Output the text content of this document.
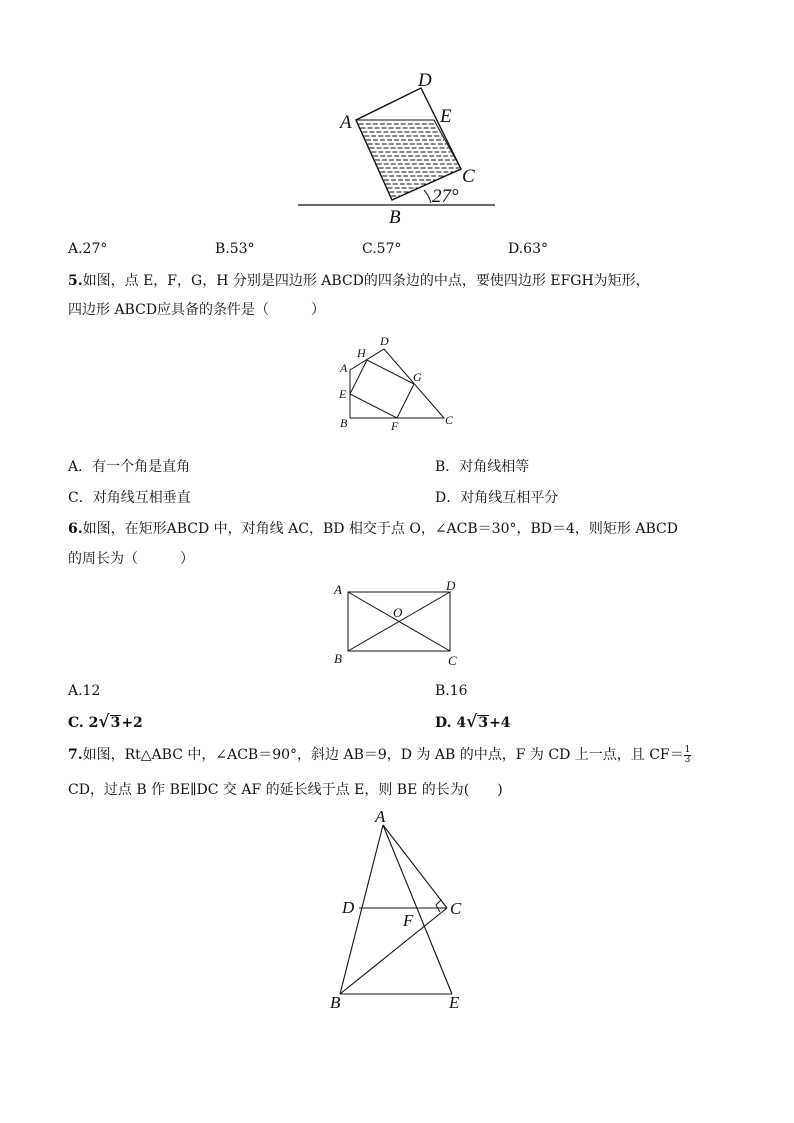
D
A	E
C
B
27°
A.27°	B.53°	C.57°	D.63°
5.如图，点 E，F，G，H 分别是四边形 ABCD的四条边的中点，要使四边形 EFGH为矩形，
四边形 ABCD应具备的条件是（　　　）
D
H
A
G
E
C
B	F
A．有一个角是直角	B．对角线相等
C．对角线互相垂直	D．对角线互相平分
6.如图，在矩形ABCD 中，对角线 AC，BD 相交于点 O，∠ACB＝30°，BD＝4，则矩形 ABCD
的周长为（　　　）
A	D
O
B	C
A.12	B.16
C. 2√3+2	D. 4√3+4
7.如图，Rt△ABC 中，∠ACB＝90°，斜边 AB＝9，D 为 AB 的中点，F 为 CD 上一点，且 $CF= \frac{1}{3}$
CD，过点 B 作 BE∥DC 交 AF 的延长线于点 E，则 BE 的长为(　　)
A
D	C
F
B	E
